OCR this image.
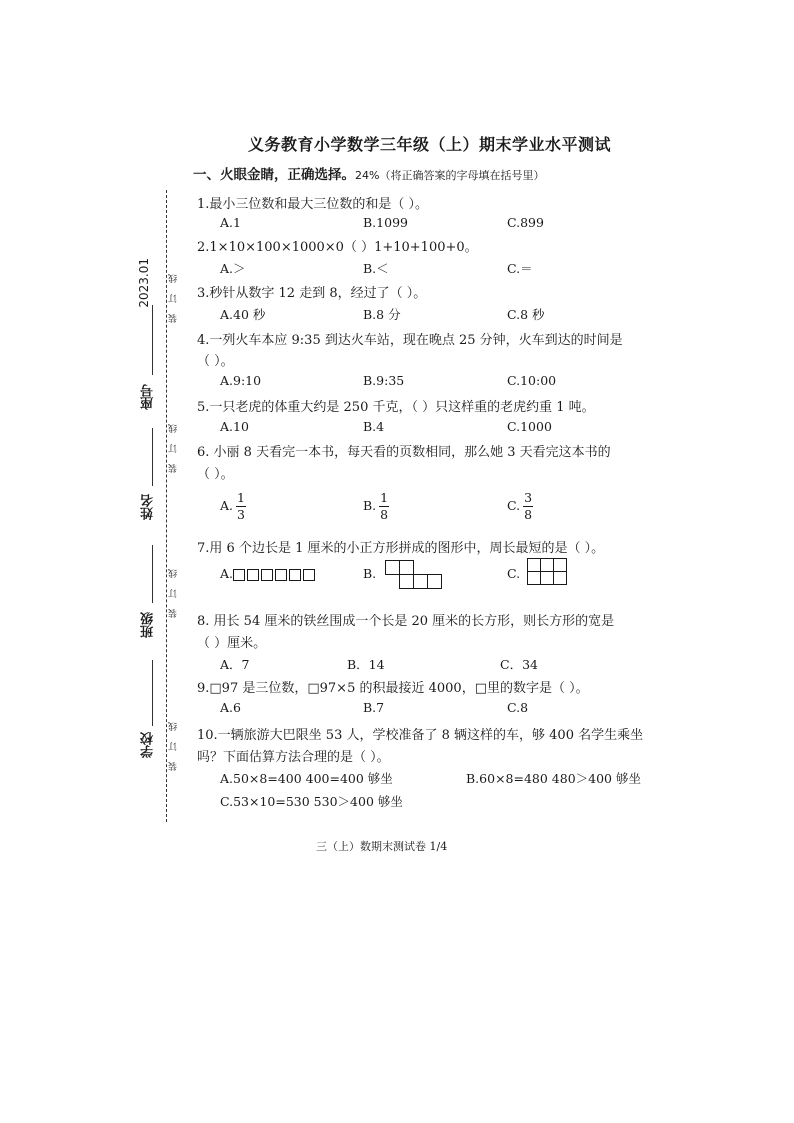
2023.01 装 订 线
座号
装 订 线
姓名
装 订 线
班级
装 订 线
学校
义务教育小学数学三年级（上）期末学业水平测试
一、火眼金睛，正确选择。24%（将正确答案的字母填在括号里）
1.最小三位数和最大三位数的和是（ ）。
A.1	B.1099	C.899
2.1×10×100×1000×0（ ）1+10+100+0。
A.＞	B.＜	C.＝
3.秒针从数字 12 走到 8，经过了（ ）。
A.40 秒	B.8 分	C.8 秒
4.一列火车本应 9:35 到达火车站，现在晚点 25 分钟，火车到达的时间是
（ ）。
A.9:10	B.9:35	C.10:00
5.一只老虎的体重大约是 250 千克，（ ）只这样重的老虎约重 1 吨。
A.10	B.4	C.1000
6. 小丽 8 天看完一本书，每天看的页数相同，那么她 3 天看完这本书的
（ ）。
A. $\frac{1}{3}$	B. $\frac{1}{8}$	C. $\frac{3}{8}$
7.用 6 个边长是 1 厘米的小正方形拼成的图形中，周长最短的是（ ）。
A.	B.	C.
8. 用长 54 厘米的铁丝围成一个长是 20 厘米的长方形，则长方形的宽是
（ ）厘米。
A．7	B．14	C．34
9.□97 是三位数，□97×5 的积最接近 4000，□里的数字是（ ）。
A.6	B.7	C.8
10.一辆旅游大巴限坐 53 人，学校准备了 8 辆这样的车，够 400 名学生乘坐
吗？下面估算方法合理的是（ ）。
A.50×8=400 400=400 够坐	B.60×8=480 480＞400 够坐
C.53×10=530 530＞400 够坐
三（上）数期末测试卷 1/4
